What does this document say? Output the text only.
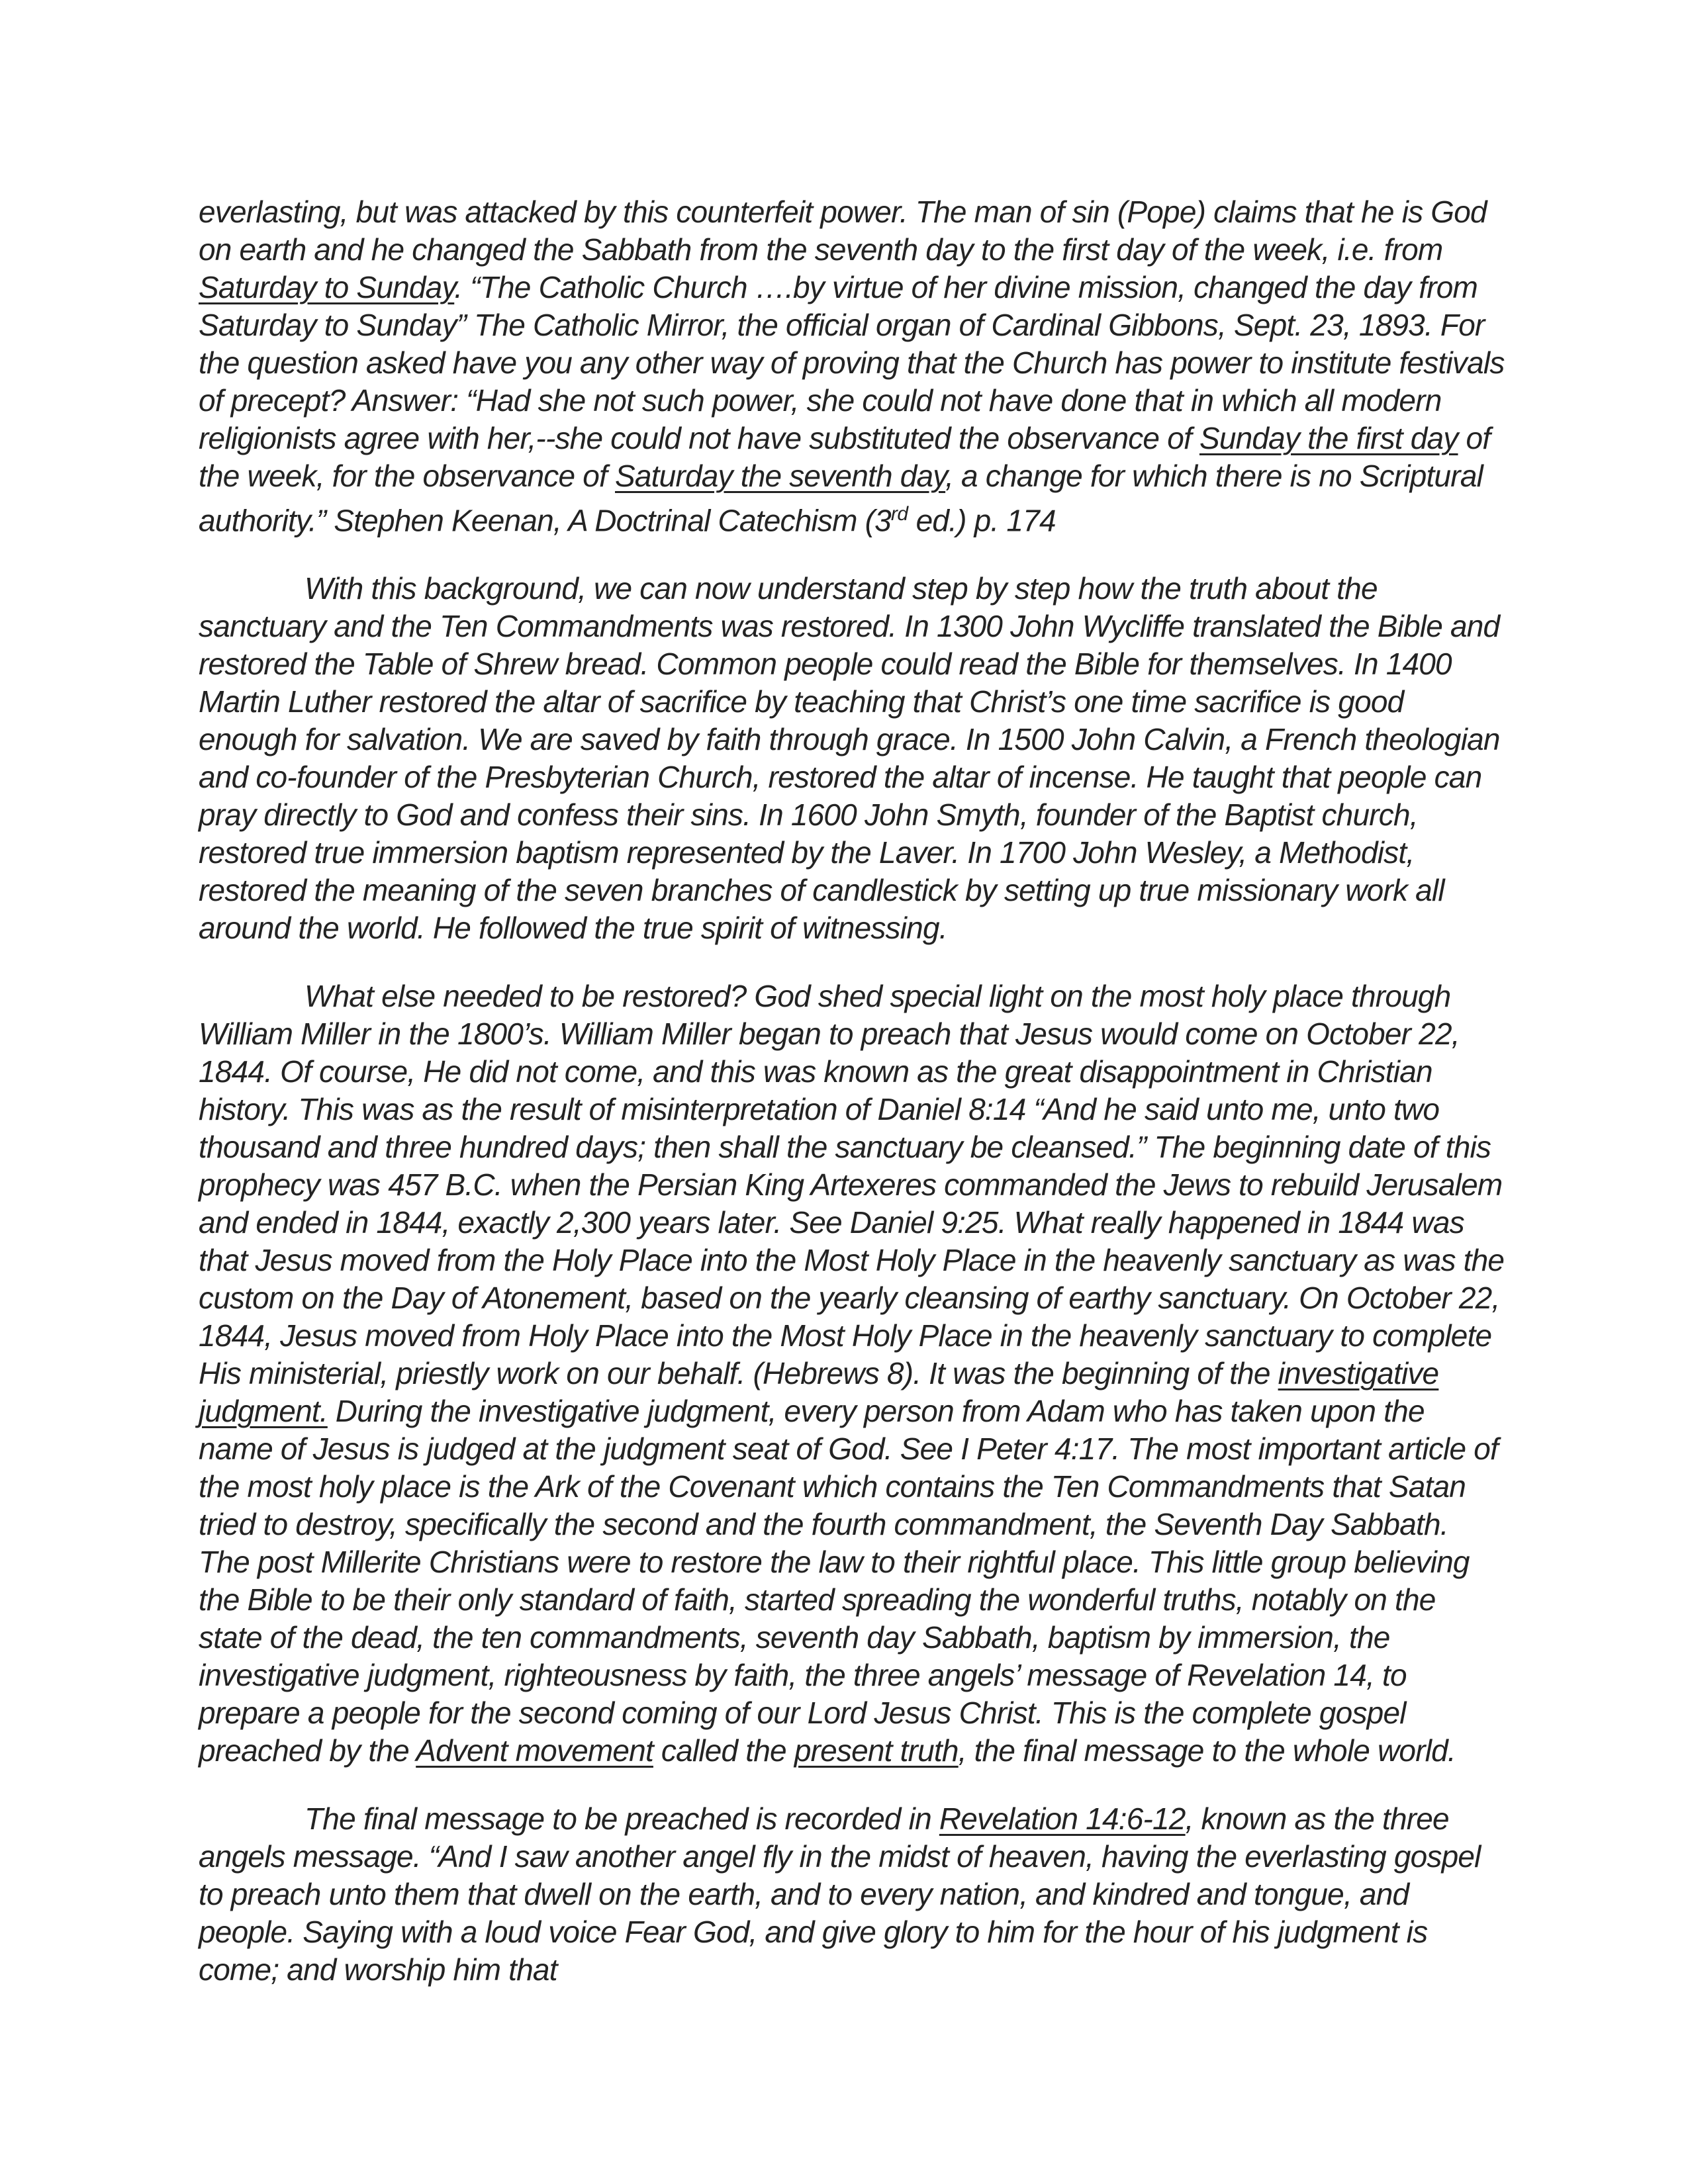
everlasting, but was attacked by this counterfeit power. The man of sin (Pope) claims that he is God on earth and he changed the Sabbath from the seventh day to the first day of the week, i.e. from Saturday to Sunday. “The Catholic Church ….by virtue of her divine mission, changed the day from Saturday to Sunday” The Catholic Mirror, the official organ of Cardinal Gibbons, Sept. 23, 1893. For the question asked have you any other way of proving that the Church has power to institute festivals of precept? Answer: “Had she not such power, she could not have done that in which all modern religionists agree with her,--she could not have substituted the observance of Sunday the first day of the week, for the observance of Saturday the seventh day, a change for which there is no Scriptural authority.” Stephen Keenan, A Doctrinal Catechism (3rd ed.) p. 174

With this background, we can now understand step by step how the truth about the sanctuary and the Ten Commandments was restored. In 1300 John Wycliffe translated the Bible and restored the Table of Shrew bread. Common people could read the Bible for themselves. In 1400 Martin Luther restored the altar of sacrifice by teaching that Christ’s one time sacrifice is good enough for salvation. We are saved by faith through grace. In 1500 John Calvin, a French theologian and co-founder of the Presbyterian Church, restored the altar of incense. He taught that people can pray directly to God and confess their sins. In 1600 John Smyth, founder of the Baptist church, restored true immersion baptism represented by the Laver. In 1700 John Wesley, a Methodist, restored the meaning of the seven branches of candlestick by setting up true missionary work all around the world. He followed the true spirit of witnessing.

What else needed to be restored? God shed special light on the most holy place through William Miller in the 1800’s. William Miller began to preach that Jesus would come on October 22, 1844. Of course, He did not come, and this was known as the great disappointment in Christian history. This was as the result of misinterpretation of Daniel 8:14 “And he said unto me, unto two thousand and three hundred days; then shall the sanctuary be cleansed.” The beginning date of this prophecy was 457 B.C. when the Persian King Artexeres commanded the Jews to rebuild Jerusalem and ended in 1844, exactly 2,300 years later. See Daniel 9:25. What really happened in 1844 was that Jesus moved from the Holy Place into the Most Holy Place in the heavenly sanctuary as was the custom on the Day of Atonement, based on the yearly cleansing of earthy sanctuary. On October 22, 1844, Jesus moved from Holy Place into the Most Holy Place in the heavenly sanctuary to complete His ministerial, priestly work on our behalf. (Hebrews 8). It was the beginning of the investigative judgment. During the investigative judgment, every person from Adam who has taken upon the name of Jesus is judged at the judgment seat of God. See I Peter 4:17. The most important article of the most holy place is the Ark of the Covenant which contains the Ten Commandments that Satan tried to destroy, specifically the second and the fourth commandment, the Seventh Day Sabbath. The post Millerite Christians were to restore the law to their rightful place. This little group believing the Bible to be their only standard of faith, started spreading the wonderful truths, notably on the state of the dead, the ten commandments, seventh day Sabbath, baptism by immersion, the investigative judgment, righteousness by faith, the three angels’ message of Revelation 14, to prepare a people for the second coming of our Lord Jesus Christ. This is the complete gospel preached by the Advent movement called the present truth, the final message to the whole world.

The final message to be preached is recorded in Revelation 14:6-12, known as the three angels message. “And I saw another angel fly in the midst of heaven, having the everlasting gospel to preach unto them that dwell on the earth, and to every nation, and kindred and tongue, and people. Saying with a loud voice Fear God, and give glory to him for the hour of his judgment is come; and worship him that
